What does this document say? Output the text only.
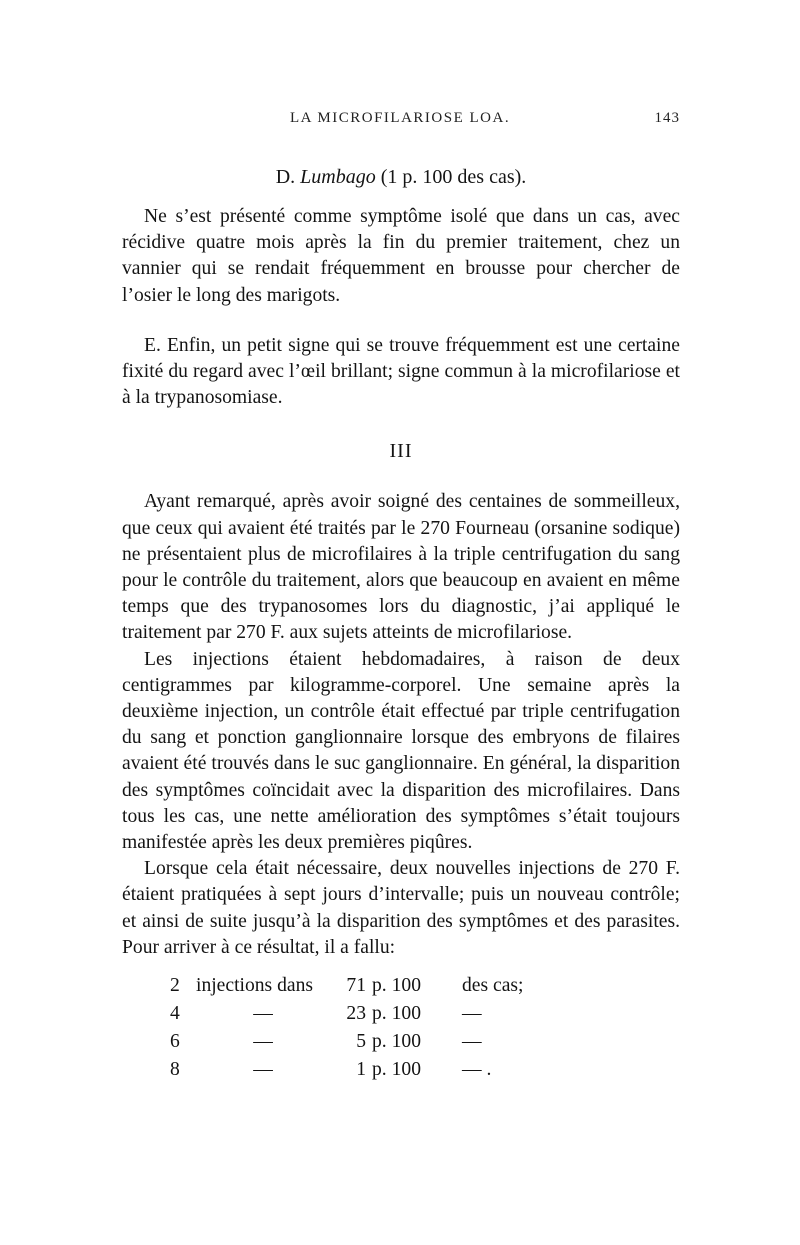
LA MICROFILARIOSE LOA.	143
D. Lumbago (1 p. 100 des cas).

Ne s’est présenté comme symptôme isolé que dans un cas, avec récidive quatre mois après la fin du premier traitement, chez un vannier qui se rendait fréquemment en brousse pour chercher de l’osier le long des marigots.

E. Enfin, un petit signe qui se trouve fréquemment est une certaine fixité du regard avec l’œil brillant; signe commun à la microfilariose et à la trypanosomiase.

III

Ayant remarqué, après avoir soigné des centaines de sommeilleux, que ceux qui avaient été traités par le 270 Fourneau (orsanine sodique) ne présentaient plus de microfilaires à la triple centrifugation du sang pour le contrôle du traitement, alors que beaucoup en avaient en même temps que des trypanosomes lors du diagnostic, j’ai appliqué le traitement par 270 F. aux sujets atteints de microfilariose.

Les injections étaient hebdomadaires, à raison de deux centigrammes par kilogramme-corporel. Une semaine après la deuxième injection, un contrôle était effectué par triple centrifugation du sang et ponction ganglionnaire lorsque des embryons de filaires avaient été trouvés dans le suc ganglionnaire. En général, la disparition des symptômes coïncidait avec la disparition des microfilaires. Dans tous les cas, une nette amélioration des symptômes s’était toujours manifestée après les deux premières piqûres.

Lorsque cela était nécessaire, deux nouvelles injections de 270 F. étaient pratiquées à sept jours d’intervalle; puis un nouveau contrôle; et ainsi de suite jusqu’à la disparition des symptômes et des parasites. Pour arriver à ce résultat, il a fallu:

2 injections dans	71 p. 100	des cas;
4	—	23 p. 100	—
6	—	5 p. 100	—
8	—	1 p. 100	— .
